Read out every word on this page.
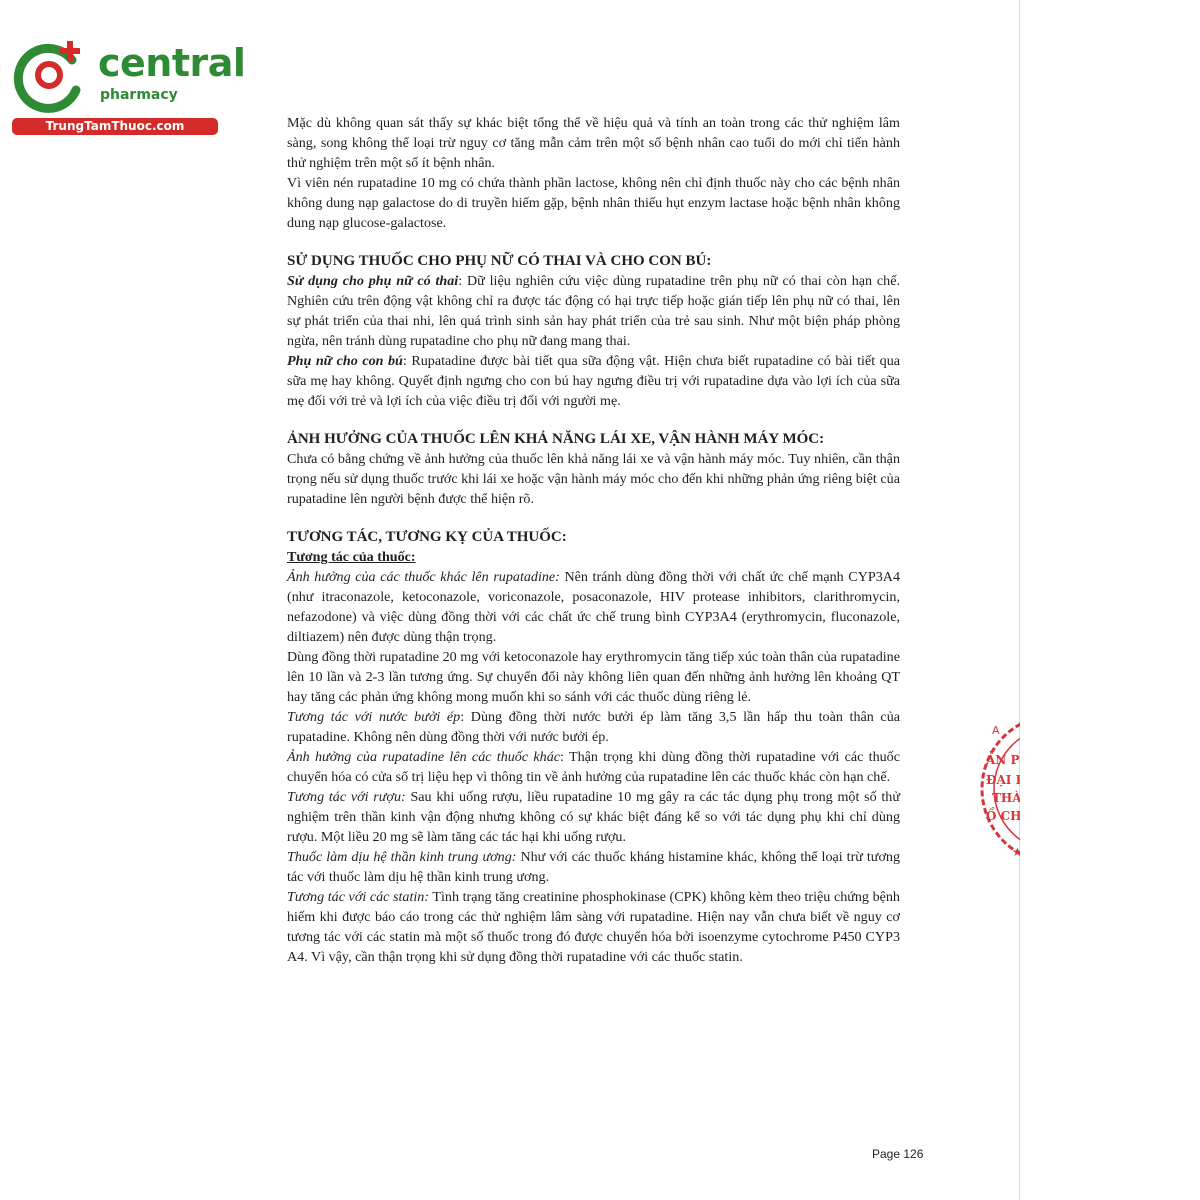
central
pharmacy
TrungTamThuoc.com	Mặc dù không quan sát thấy sự khác biệt tổng thể về hiệu quả và tính an toàn trong các thử nghiệm lâm sàng, song không thể loại trừ nguy cơ tăng mẫn cảm trên một số bệnh nhân cao tuổi do mới chỉ tiến hành thử nghiệm trên một số ít bệnh nhân.

Vì viên nén rupatadine 10 mg có chứa thành phần lactose, không nên chỉ định thuốc này cho các bệnh nhân không dung nạp galactose do di truyền hiếm gặp, bệnh nhân thiếu hụt enzym lactase hoặc bệnh nhân không dung nạp glucose-galactose.

SỬ DỤNG THUỐC CHO PHỤ NỮ CÓ THAI VÀ CHO CON BÚ:

Sử dụng cho phụ nữ có thai: Dữ liệu nghiên cứu việc dùng rupatadine trên phụ nữ có thai còn hạn chế. Nghiên cứu trên động vật không chỉ ra được tác động có hại trực tiếp hoặc gián tiếp lên phụ nữ có thai, lên sự phát triển của thai nhi, lên quá trình sinh sản hay phát triển của trẻ sau sinh. Như một biện pháp phòng ngừa, nên tránh dùng rupatadine cho phụ nữ đang mang thai.

Phụ nữ cho con bú: Rupatadine được bài tiết qua sữa động vật. Hiện chưa biết rupatadine có bài tiết qua sữa mẹ hay không. Quyết định ngưng cho con bú hay ngưng điều trị với rupatadine dựa vào lợi ích của sữa mẹ đối với trẻ và lợi ích của việc điều trị đối với người mẹ.

ẢNH HƯỞNG CỦA THUỐC LÊN KHẢ NĂNG LÁI XE, VẬN HÀNH MÁY MÓC:

Chưa có bằng chứng về ảnh hưởng của thuốc lên khả năng lái xe và vận hành máy móc. Tuy nhiên, cần thận trọng nếu sử dụng thuốc trước khi lái xe hoặc vận hành máy móc cho đến khi những phản ứng riêng biệt của rupatadine lên người bệnh được thể hiện rõ.

TƯƠNG TÁC, TƯƠNG KỴ CỦA THUỐC:

Tương tác của thuốc:

Ảnh hưởng của các thuốc khác lên rupatadine: Nên tránh dùng đồng thời với chất ức chế mạnh CYP3A4 (như itraconazole, ketoconazole, voriconazole, posaconazole, HIV protease inhibitors, clarithromycin, nefazodone) và việc dùng đồng thời với các chất ức chế trung bình CYP3A4 (erythromycin, fluconazole, diltiazem) nên được dùng thận trọng.

Dùng đồng thời rupatadine 20 mg với ketoconazole hay erythromycin tăng tiếp xúc toàn thân của rupatadine lên 10 lần và 2-3 lần tương ứng. Sự chuyển đổi này không liên quan đến những ảnh hưởng lên khoảng QT hay tăng các phản ứng không mong muốn khi so sánh với các thuốc dùng riêng lẻ.

Tương tác với nước bưởi ép: Dùng đồng thời nước bưởi ép làm tăng 3,5 lần hấp thu toàn thân của rupatadine. Không nên dùng đồng thời với nước bưởi ép.

Ảnh hưởng của rupatadine lên các thuốc khác: Thận trọng khi dùng đồng thời rupatadine với các thuốc chuyển hóa có cửa sổ trị liệu hẹp vì thông tin về ảnh hưởng của rupatadine lên các thuốc khác còn hạn chế.

Tương tác với rượu: Sau khi uống rượu, liều rupatadine 10 mg gây ra các tác dụng phụ trong một số thử nghiệm trên thần kinh vận động nhưng không có sự khác biệt đáng kể so với tác dụng phụ khi chỉ dùng rượu. Một liều 20 mg sẽ làm tăng các tác hại khi uống rượu.

Thuốc làm dịu hệ thần kinh trung ương: Như với các thuốc kháng histamine khác, không thể loại trừ tương tác với thuốc làm dịu hệ thần kinh trung ương.

Tương tác với các statin: Tình trạng tăng creatinine phosphokinase (CPK) không kèm theo triệu chứng bệnh hiếm khi được báo cáo trong các thử nghiệm lâm sàng với rupatadine. Hiện nay vẫn chưa biết về nguy cơ tương tác với các statin mà một số thuốc trong đó được chuyển hóa bởi isoenzyme cytochrome P450 CYP3 A4. Vì vậy, cần thận trọng khi sử dụng đồng thời rupatadine với các thuốc statin.

A
ẢN P
ĐẠI D
THÀN
Ồ CHÍ
★
Page 126
